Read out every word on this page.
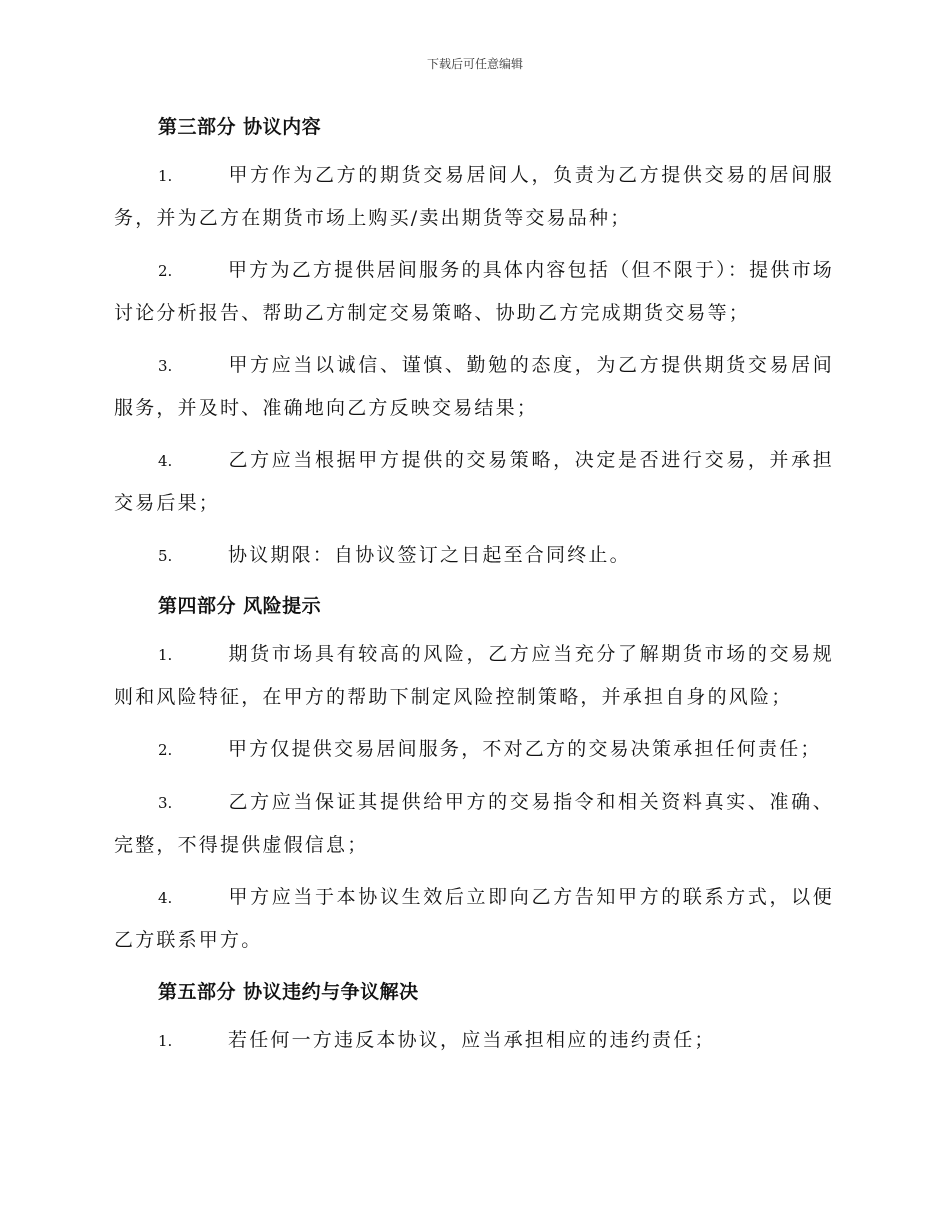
下载后可任意编辑
第三部分 协议内容
1.	甲方作为乙方的期货交易居间人，负责为乙方提供交易的居间服务，并为乙方在期货市场上购买/卖出期货等交易品种；
2.	甲方为乙方提供居间服务的具体内容包括（但不限于）：提供市场讨论分析报告、帮助乙方制定交易策略、协助乙方完成期货交易等；
3.	甲方应当以诚信、谨慎、勤勉的态度，为乙方提供期货交易居间服务，并及时、准确地向乙方反映交易结果；
4.	乙方应当根据甲方提供的交易策略，决定是否进行交易，并承担交易后果；
5.	协议期限：自协议签订之日起至合同终止。
第四部分 风险提示
1.	期货市场具有较高的风险，乙方应当充分了解期货市场的交易规则和风险特征，在甲方的帮助下制定风险控制策略，并承担自身的风险；
2.	甲方仅提供交易居间服务，不对乙方的交易决策承担任何责任；
3.	乙方应当保证其提供给甲方的交易指令和相关资料真实、准确、完整，不得提供虚假信息；
4.	甲方应当于本协议生效后立即向乙方告知甲方的联系方式，以便乙方联系甲方。
第五部分 协议违约与争议解决
1.	若任何一方违反本协议，应当承担相应的违约责任；
